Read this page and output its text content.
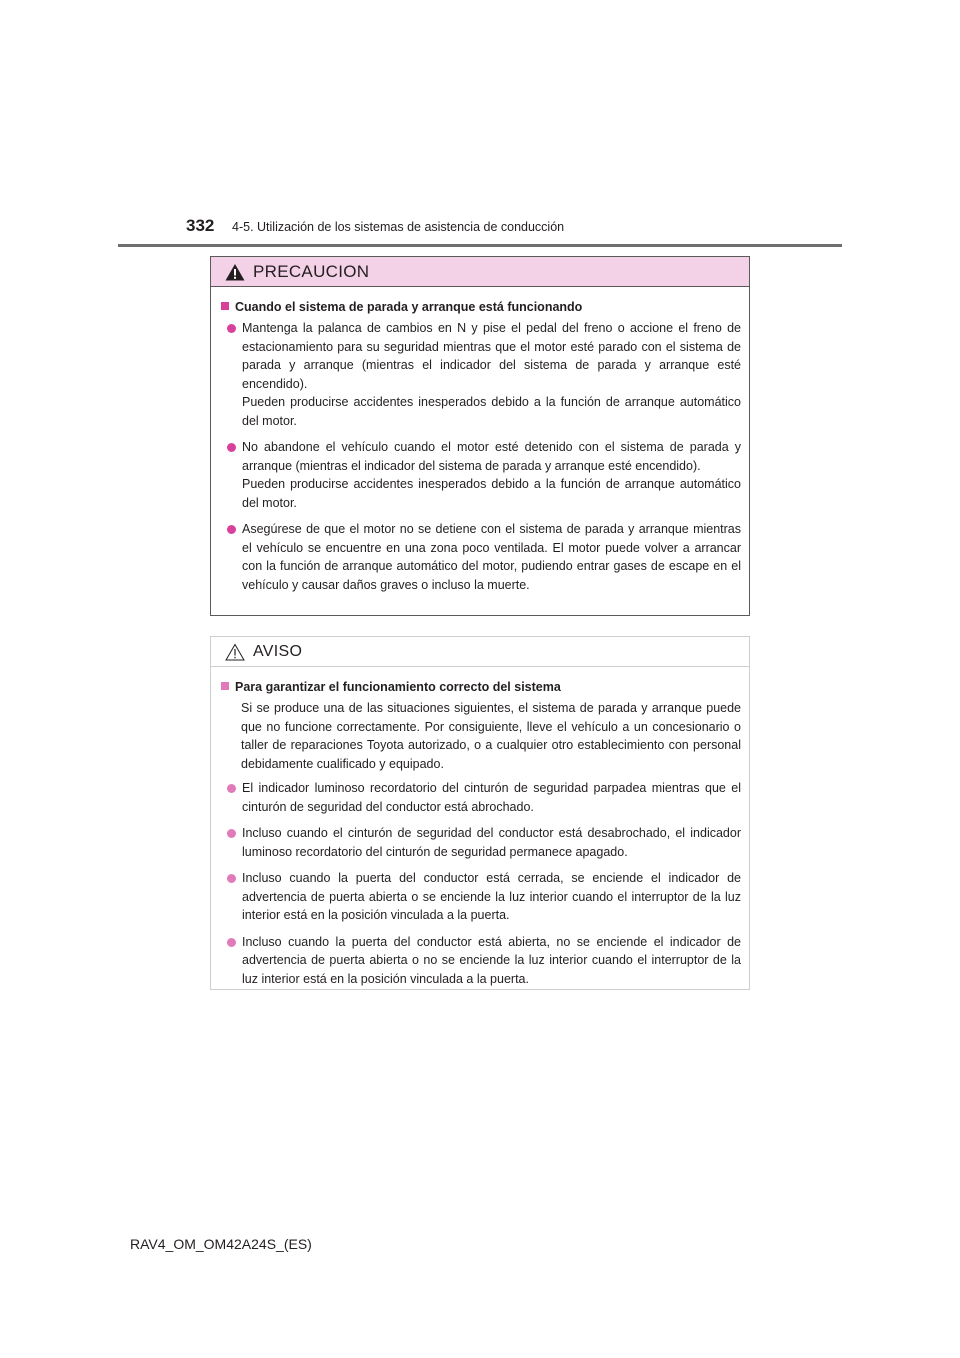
332 4-5. Utilización de los sistemas de asistencia de conducción
PRECAUCION
Cuando el sistema de parada y arranque está funcionando
Mantenga la palanca de cambios en N y pise el pedal del freno o accione el freno de estacionamiento para su seguridad mientras que el motor esté parado con el sistema de parada y arranque (mientras el indicador del sistema de parada y arranque esté encendido).
Pueden producirse accidentes inesperados debido a la función de arranque automático del motor.
No abandone el vehículo cuando el motor esté detenido con el sistema de parada y arranque (mientras el indicador del sistema de parada y arranque esté encendido).
Pueden producirse accidentes inesperados debido a la función de arranque automático del motor.
Asegúrese de que el motor no se detiene con el sistema de parada y arranque mientras el vehículo se encuentre en una zona poco ventilada. El motor puede volver a arrancar con la función de arranque automático del motor, pudiendo entrar gases de escape en el vehículo y causar daños graves o incluso la muerte.
AVISO
Para garantizar el funcionamiento correcto del sistema
Si se produce una de las situaciones siguientes, el sistema de parada y arranque puede que no funcione correctamente. Por consiguiente, lleve el vehículo a un concesionario o taller de reparaciones Toyota autorizado, o a cualquier otro establecimiento con personal debidamente cualificado y equipado.
El indicador luminoso recordatorio del cinturón de seguridad parpadea mientras que el cinturón de seguridad del conductor está abrochado.
Incluso cuando el cinturón de seguridad del conductor está desabrochado, el indicador luminoso recordatorio del cinturón de seguridad permanece apagado.
Incluso cuando la puerta del conductor está cerrada, se enciende el indicador de advertencia de puerta abierta o se enciende la luz interior cuando el interruptor de la luz interior está en la posición vinculada a la puerta.
Incluso cuando la puerta del conductor está abierta, no se enciende el indicador de advertencia de puerta abierta o no se enciende la luz interior cuando el interruptor de la luz interior está en la posición vinculada a la puerta.
RAV4_OM_OM42A24S_(ES)
